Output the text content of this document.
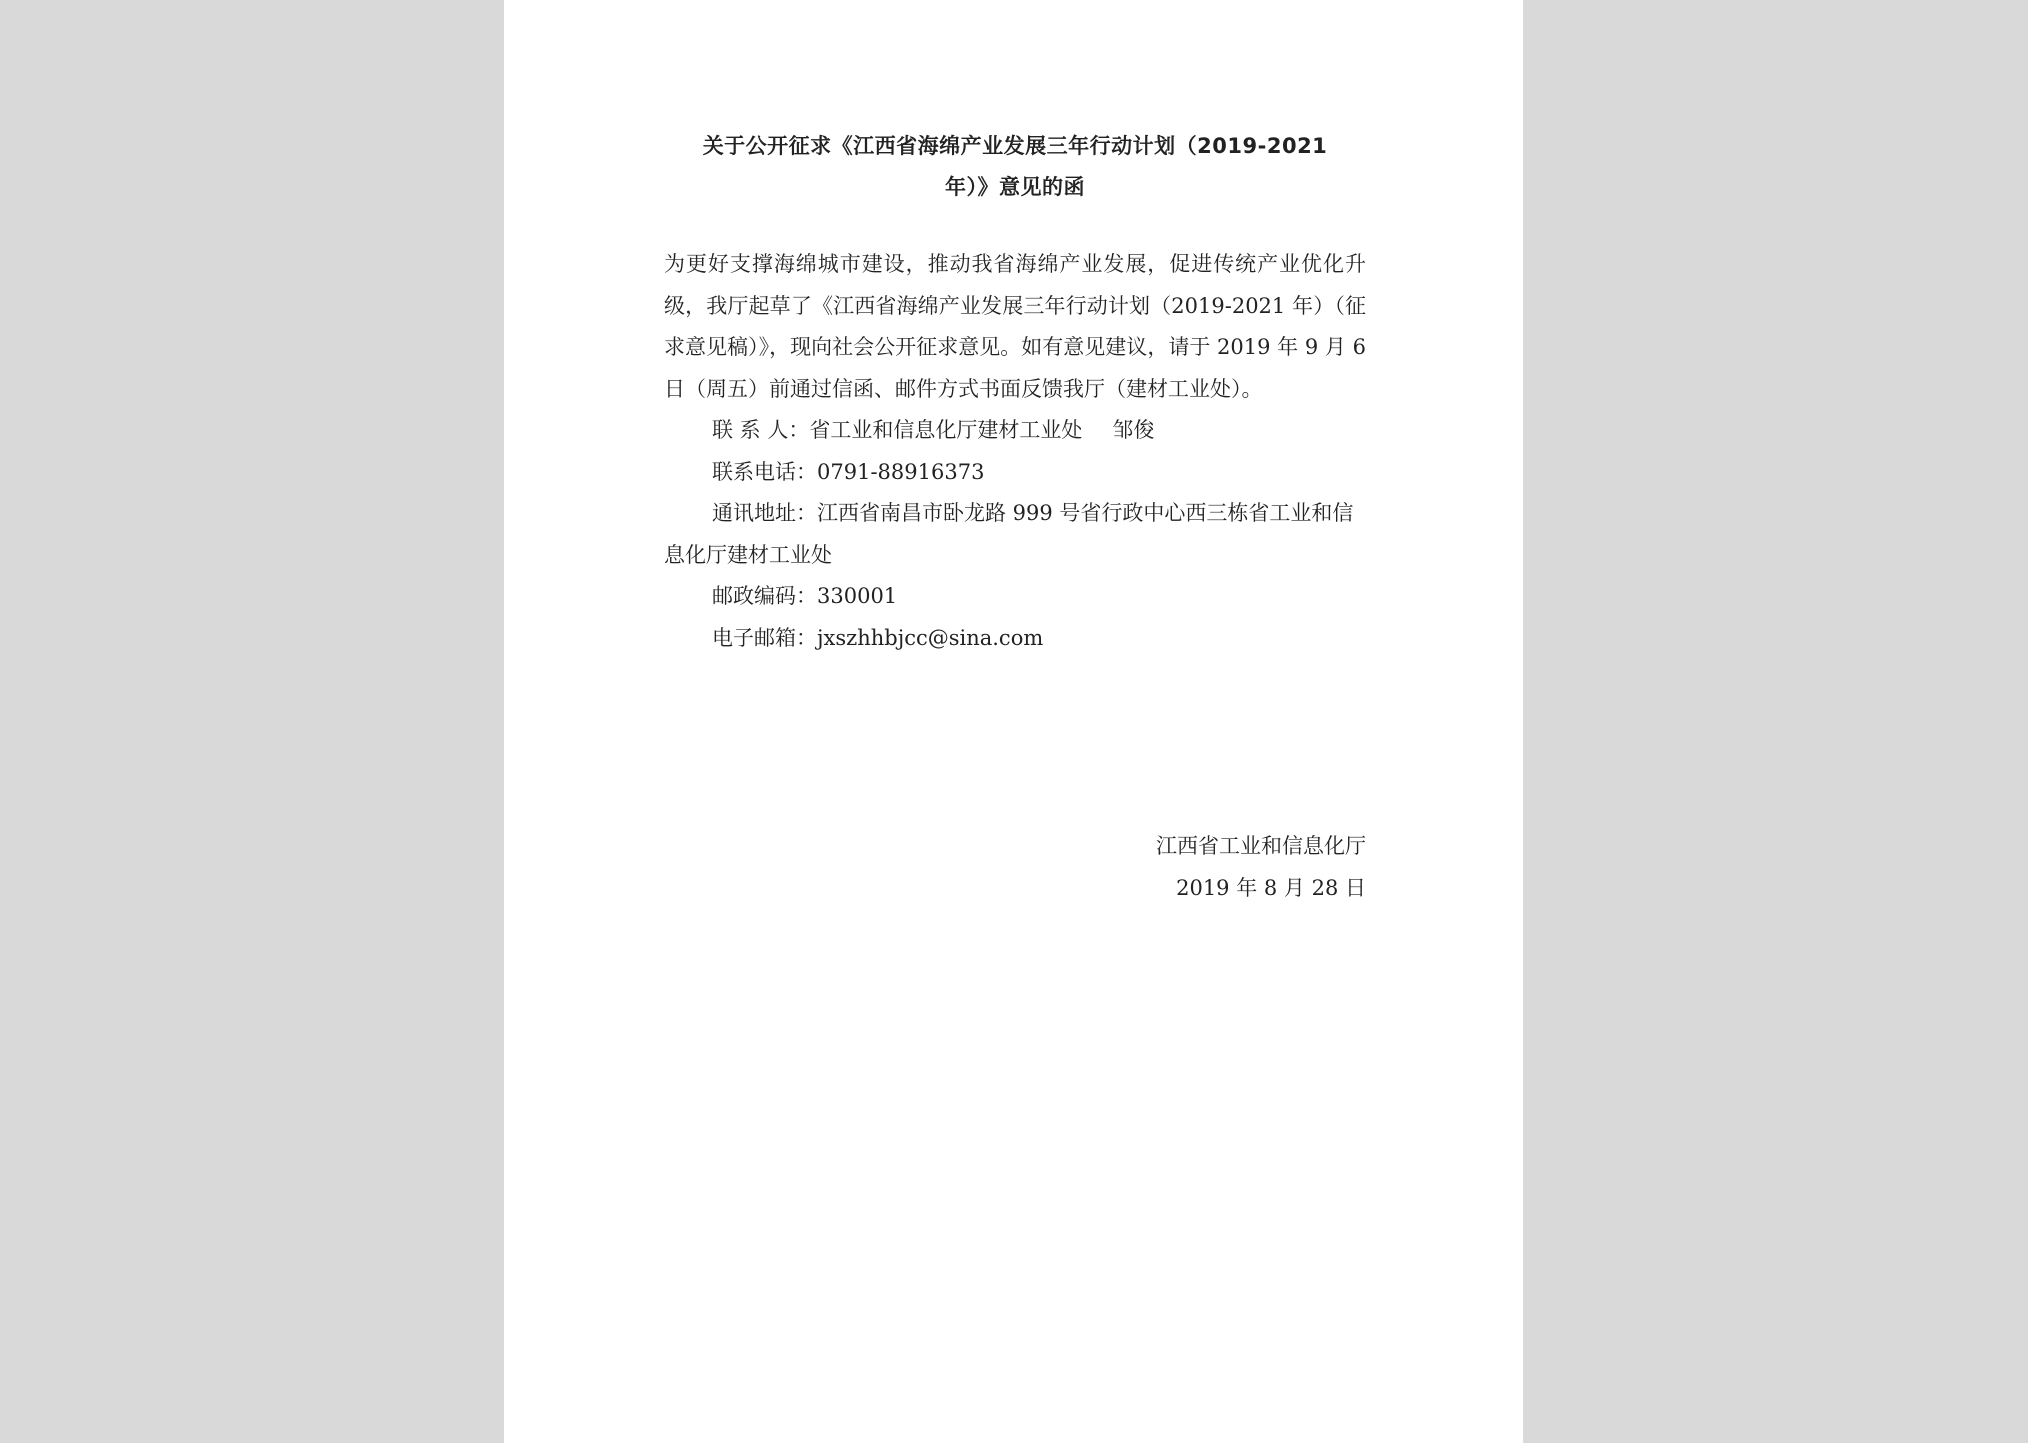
关于公开征求《江西省海绵产业发展三年行动计划（2019-2021
年）》意见的函

为更好支撑海绵城市建设，推动我省海绵产业发展，促进传统产业优化升级，我厅起草了《江西省海绵产业发展三年行动计划（2019-2021 年）（征求意见稿）》，现向社会公开征求意见。如有意见建议，请于 2019 年 9 月 6 日（周五）前通过信函、邮件方式书面反馈我厅（建材工业处）。

联 系 人：省工业和信息化厅建材工业处 邹俊

联系电话：0791-88916373

通讯地址：江西省南昌市卧龙路 999 号省行政中心西三栋省工业和信息化厅建材工业处

邮政编码：330001

电子邮箱：jxszhhbjcc@sina.com

江西省工业和信息化厅

2019 年 8 月 28 日
